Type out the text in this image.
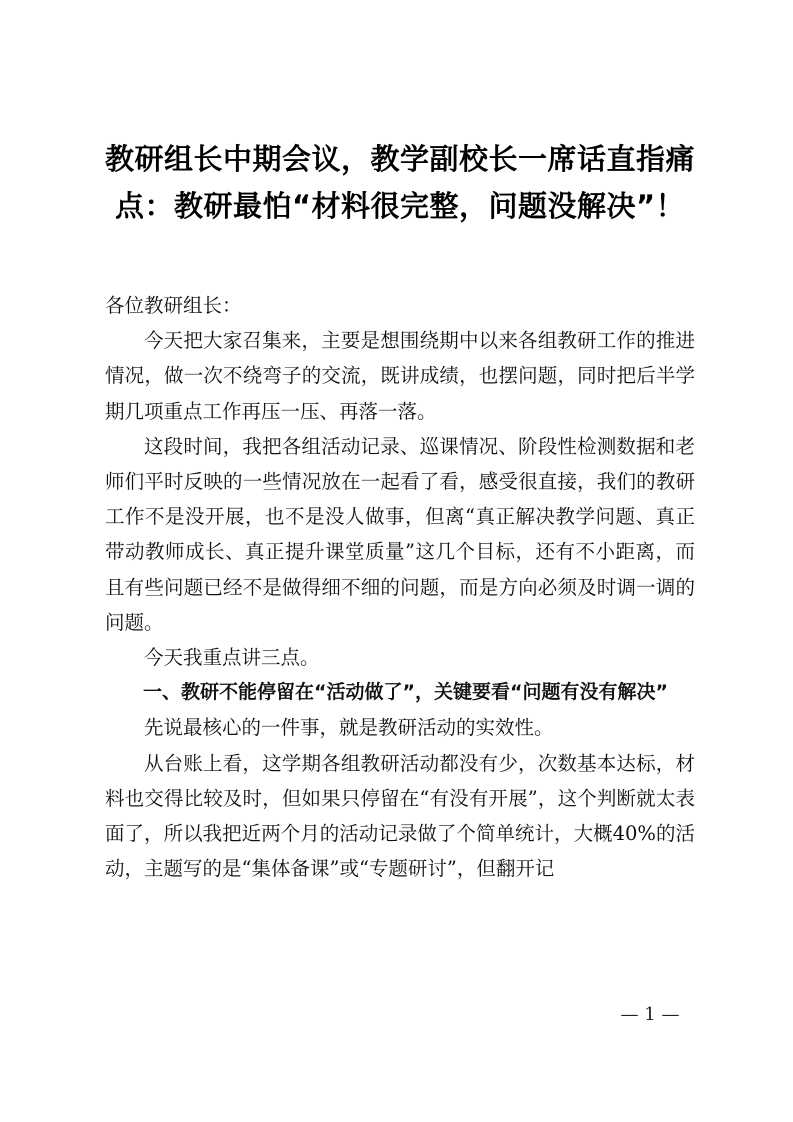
教研组长中期会议，教学副校长一席话直指痛点：教研最怕“材料很完整，问题没解决”！

各位教研组长：

今天把大家召集来，主要是想围绕期中以来各组教研工作的推进情况，做一次不绕弯子的交流，既讲成绩，也摆问题，同时把后半学期几项重点工作再压一压、再落一落。

这段时间，我把各组活动记录、巡课情况、阶段性检测数据和老师们平时反映的一些情况放在一起看了看，感受很直接，我们的教研工作不是没开展，也不是没人做事，但离“真正解决教学问题、真正带动教师成长、真正提升课堂质量”这几个目标，还有不小距离，而且有些问题已经不是做得细不细的问题，而是方向必须及时调一调的问题。

今天我重点讲三点。

一、教研不能停留在“活动做了”，关键要看“问题有没有解决”

先说最核心的一件事，就是教研活动的实效性。

从台账上看，这学期各组教研活动都没有少，次数基本达标，材料也交得比较及时，但如果只停留在“有没有开展”，这个判断就太表面了，所以我把近两个月的活动记录做了个简单统计，大概40%的活动，主题写的是“集体备课”或“专题研讨”，但翻开记

— 1 —
